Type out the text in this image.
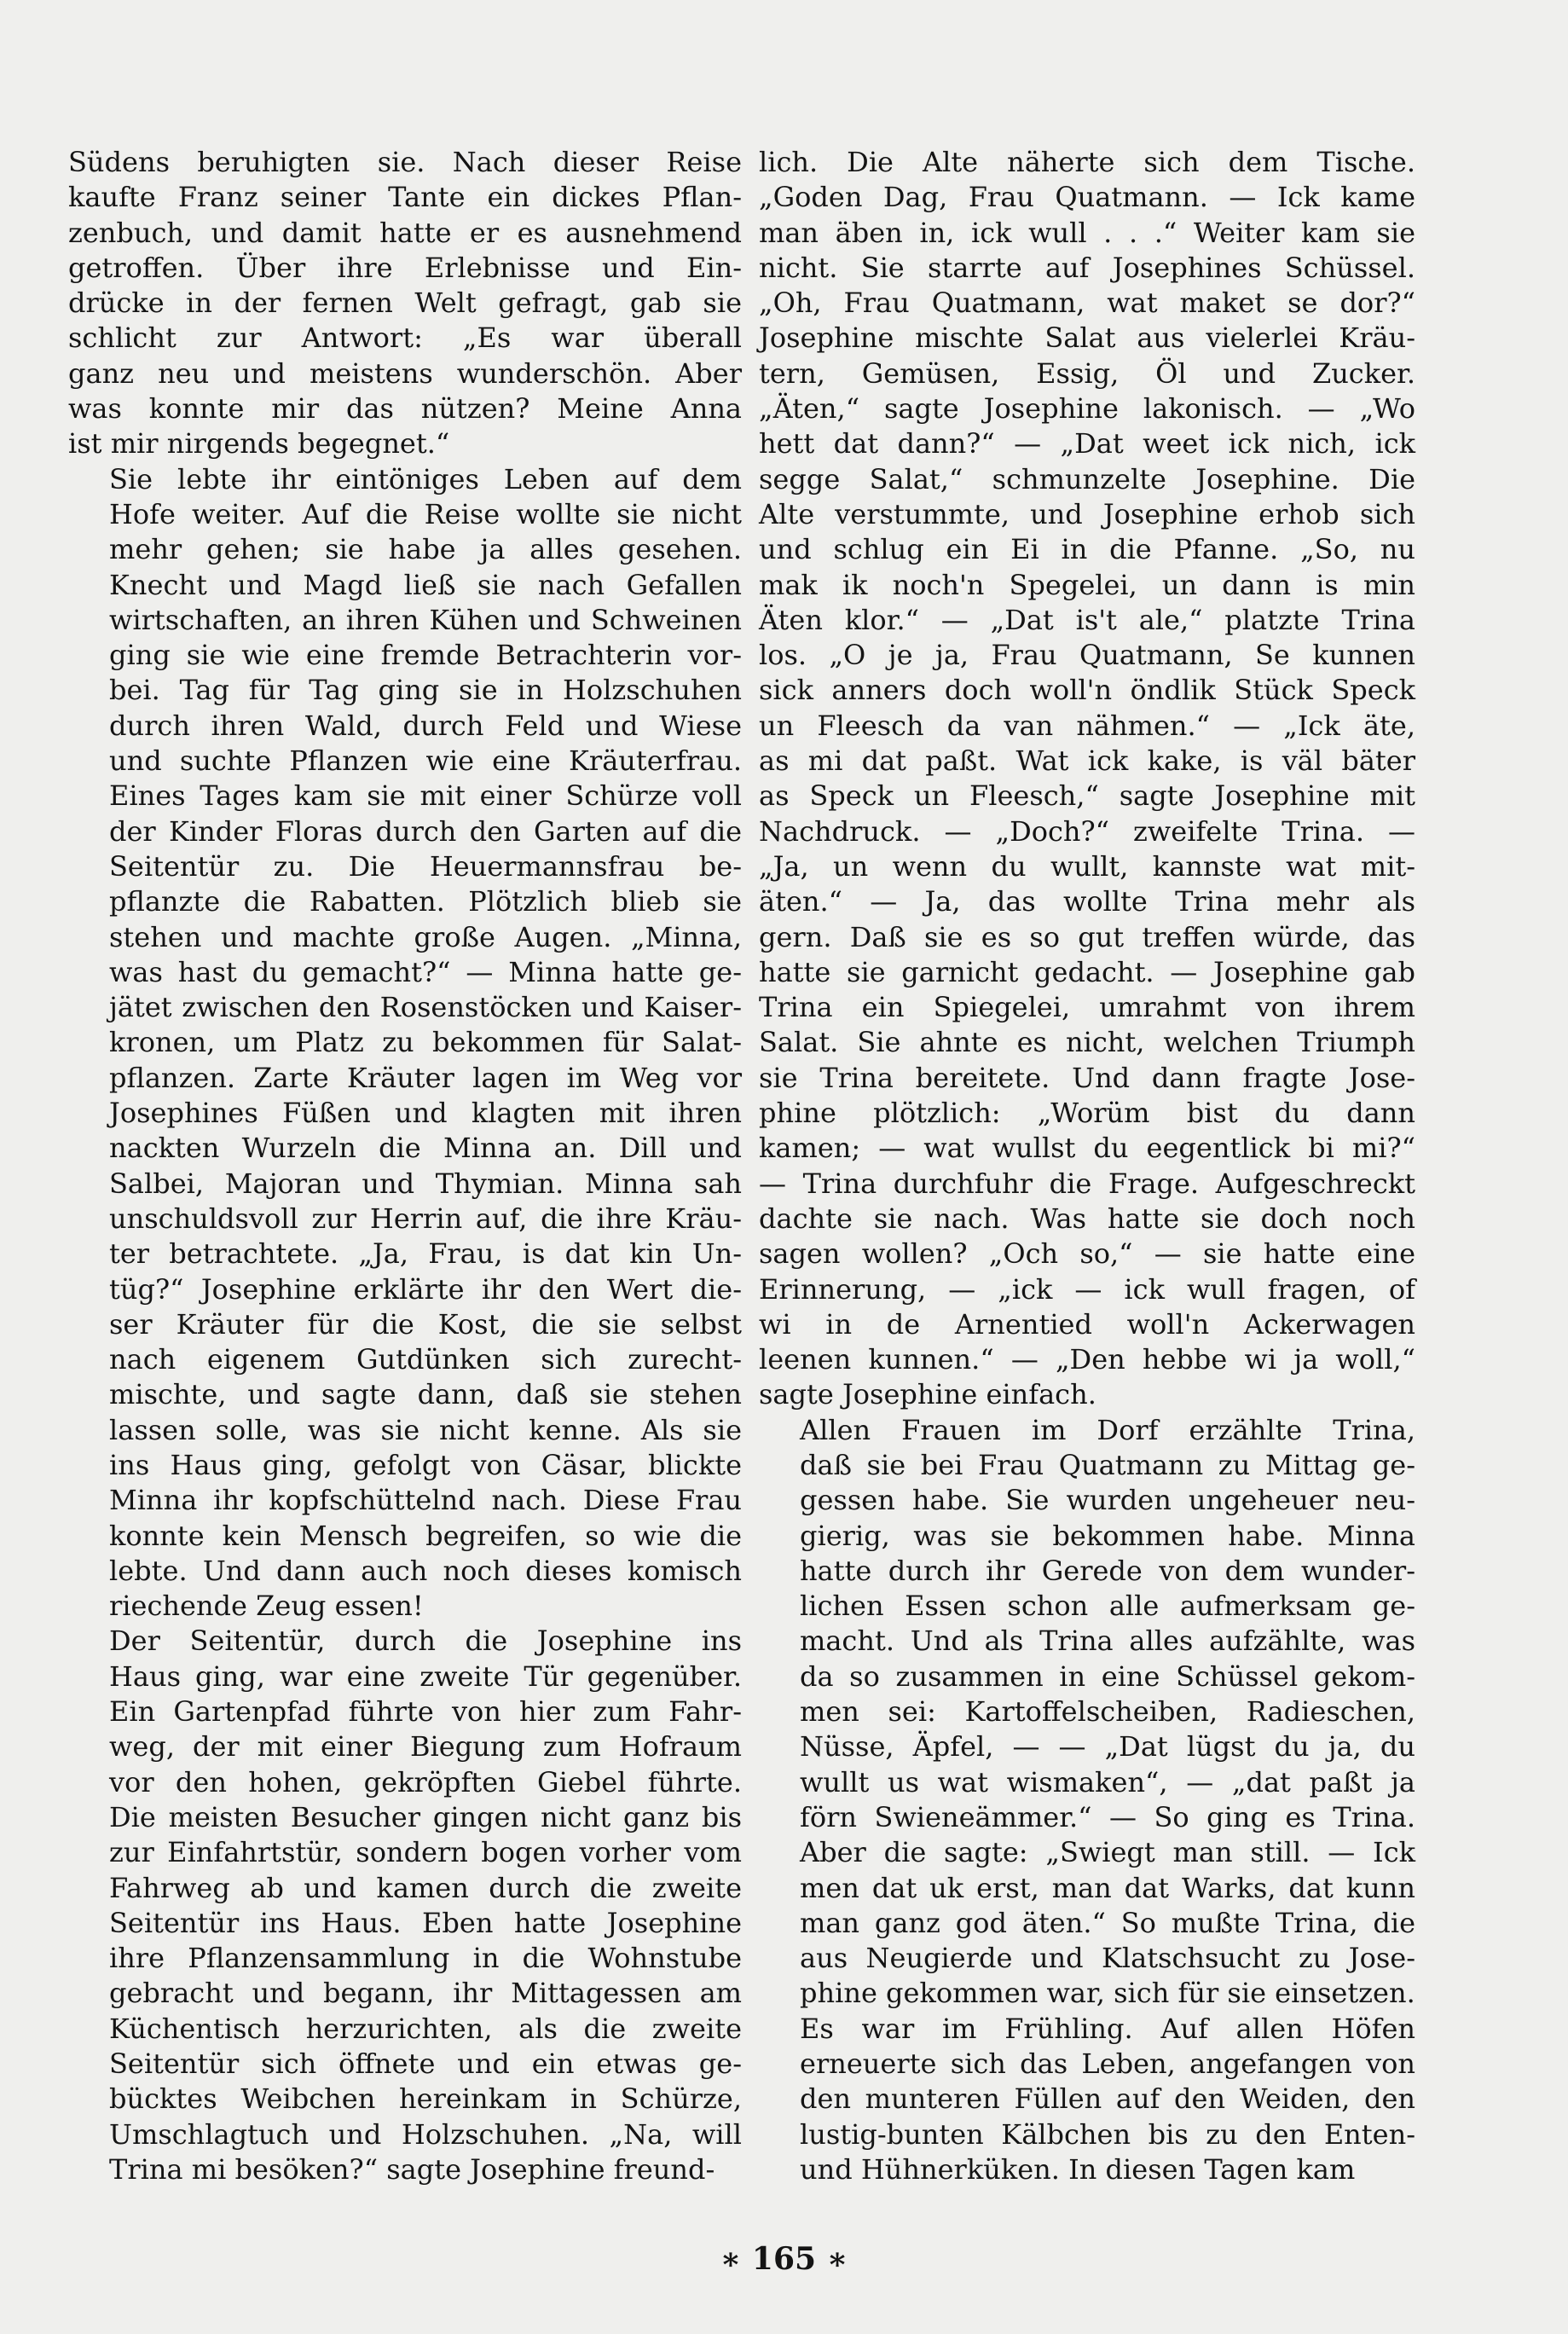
Südens beruhigten sie. Nach dieser Reise
kaufte Franz seiner Tante ein dickes Pflan-
zenbuch, und damit hatte er es ausnehmend
getroffen. Über ihre Erlebnisse und Ein-
drücke in der fernen Welt gefragt, gab sie
schlicht zur Antwort: „Es war überall
ganz neu und meistens wunderschön. Aber
was konnte mir das nützen? Meine Anna
ist mir nirgends begegnet.“

Sie lebte ihr eintöniges Leben auf dem
Hofe weiter. Auf die Reise wollte sie nicht
mehr gehen; sie habe ja alles gesehen.
Knecht und Magd ließ sie nach Gefallen
wirtschaften, an ihren Kühen und Schweinen
ging sie wie eine fremde Betrachterin vor-
bei. Tag für Tag ging sie in Holzschuhen
durch ihren Wald, durch Feld und Wiese
und suchte Pflanzen wie eine Kräuterfrau.
Eines Tages kam sie mit einer Schürze voll
der Kinder Floras durch den Garten auf die
Seitentür zu. Die Heuermannsfrau be-
pflanzte die Rabatten. Plötzlich blieb sie
stehen und machte große Augen. „Minna,
was hast du gemacht?“ — Minna hatte ge-
jätet zwischen den Rosenstöcken und Kaiser-
kronen, um Platz zu bekommen für Salat-
pflanzen. Zarte Kräuter lagen im Weg vor
Josephines Füßen und klagten mit ihren
nackten Wurzeln die Minna an. Dill und
Salbei, Majoran und Thymian. Minna sah
unschuldsvoll zur Herrin auf, die ihre Kräu-
ter betrachtete. „Ja, Frau, is dat kin Un-
tüg?“ Josephine erklärte ihr den Wert die-
ser Kräuter für die Kost, die sie selbst
nach eigenem Gutdünken sich zurecht-
mischte, und sagte dann, daß sie stehen
lassen solle, was sie nicht kenne. Als sie
ins Haus ging, gefolgt von Cäsar, blickte
Minna ihr kopfschüttelnd nach. Diese Frau
konnte kein Mensch begreifen, so wie die
lebte. Und dann auch noch dieses komisch
riechende Zeug essen!

Der Seitentür, durch die Josephine ins
Haus ging, war eine zweite Tür gegenüber.
Ein Gartenpfad führte von hier zum Fahr-
weg, der mit einer Biegung zum Hofraum
vor den hohen, gekröpften Giebel führte.
Die meisten Besucher gingen nicht ganz bis
zur Einfahrtstür, sondern bogen vorher vom
Fahrweg ab und kamen durch die zweite
Seitentür ins Haus. Eben hatte Josephine
ihre Pflanzensammlung in die Wohnstube
gebracht und begann, ihr Mittagessen am
Küchentisch herzurichten, als die zweite
Seitentür sich öffnete und ein etwas ge-
bücktes Weibchen hereinkam in Schürze,
Umschlagtuch und Holzschuhen. „Na, will
Trina mi besöken?“ sagte Josephine freund-

lich. Die Alte näherte sich dem Tische.
„Goden Dag, Frau Quatmann. — Ick kame
man äben in, ick wull . . .“ Weiter kam sie
nicht. Sie starrte auf Josephines Schüssel.
„Oh, Frau Quatmann, wat maket se dor?“
Josephine mischte Salat aus vielerlei Kräu-
tern, Gemüsen, Essig, Öl und Zucker.
„Äten,“ sagte Josephine lakonisch. — „Wo
hett dat dann?“ — „Dat weet ick nich, ick
segge Salat,“ schmunzelte Josephine. Die
Alte verstummte, und Josephine erhob sich
und schlug ein Ei in die Pfanne. „So, nu
mak ik noch'n Spegelei, un dann is min
Äten klor.“ — „Dat is't ale,“ platzte Trina
los. „O je ja, Frau Quatmann, Se kunnen
sick anners doch woll'n öndlik Stück Speck
un Fleesch da van nähmen.“ — „Ick äte,
as mi dat paßt. Wat ick kake, is väl bäter
as Speck un Fleesch,“ sagte Josephine mit
Nachdruck. — „Doch?“ zweifelte Trina. —
„Ja, un wenn du wullt, kannste wat mit-
äten.“ — Ja, das wollte Trina mehr als
gern. Daß sie es so gut treffen würde, das
hatte sie garnicht gedacht. — Josephine gab
Trina ein Spiegelei, umrahmt von ihrem
Salat. Sie ahnte es nicht, welchen Triumph
sie Trina bereitete. Und dann fragte Jose-
phine plötzlich: „Worüm bist du dann
kamen; — wat wullst du eegentlick bi mi?“
— Trina durchfuhr die Frage. Aufgeschreckt
dachte sie nach. Was hatte sie doch noch
sagen wollen? „Och so,“ — sie hatte eine
Erinnerung, — „ick — ick wull fragen, of
wi in de Arnentied woll'n Ackerwagen
leenen kunnen.“ — „Den hebbe wi ja woll,“
sagte Josephine einfach.

Allen Frauen im Dorf erzählte Trina,
daß sie bei Frau Quatmann zu Mittag ge-
gessen habe. Sie wurden ungeheuer neu-
gierig, was sie bekommen habe. Minna
hatte durch ihr Gerede von dem wunder-
lichen Essen schon alle aufmerksam ge-
macht. Und als Trina alles aufzählte, was
da so zusammen in eine Schüssel gekom-
men sei: Kartoffelscheiben, Radieschen,
Nüsse, Äpfel, — — „Dat lügst du ja, du
wullt us wat wismaken“, — „dat paßt ja
förn Swieneämmer.“ — So ging es Trina.
Aber die sagte: „Swiegt man still. — Ick
men dat uk erst, man dat Warks, dat kunn
man ganz god äten.“ So mußte Trina, die
aus Neugierde und Klatschsucht zu Jose-
phine gekommen war, sich für sie einsetzen.

Es war im Frühling. Auf allen Höfen
erneuerte sich das Leben, angefangen von
den munteren Füllen auf den Weiden, den
lustig-bunten Kälbchen bis zu den Enten-
und Hühnerküken. In diesen Tagen kam

∗ 165 ∗
